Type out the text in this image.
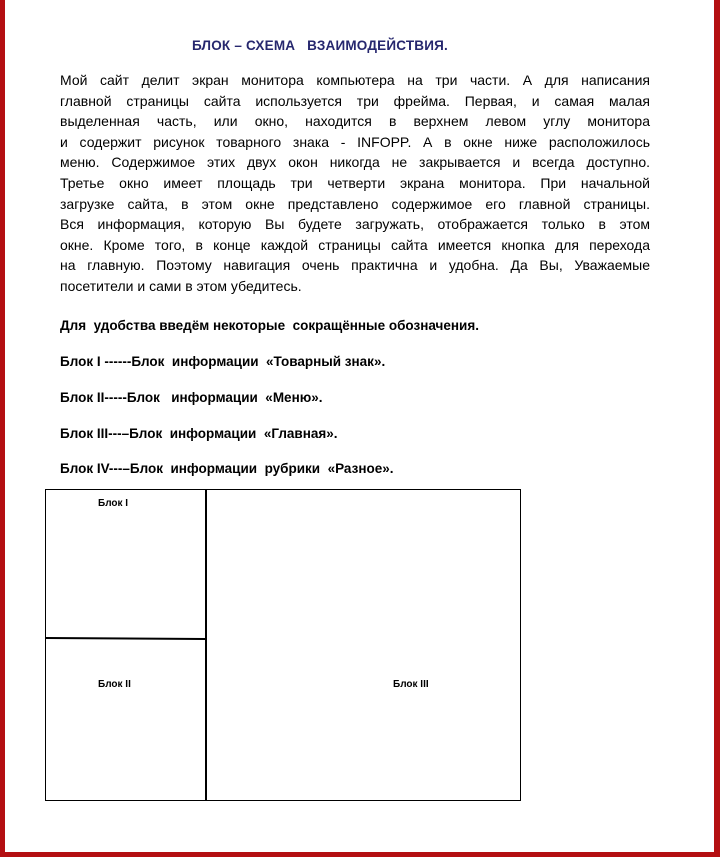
БЛОК – СХЕМА   ВЗАИМОДЕЙСТВИЯ.
Мой сайт делит экран монитора компьютера на три части. А для написания
главной страницы сайта используется три фрейма. Первая, и самая малая
выделенная часть, или окно, находится в верхнем левом углу монитора
и содержит рисунок товарного знака - INFOPP. А в окне ниже расположилось
меню. Содержимое этих двух окон никогда не закрывается и всегда доступно.
Третье окно имеет площадь три четверти экрана монитора. При начальной
загрузке сайта, в этом окне представлено содержимое его главной страницы.
Вся информация, которую Вы будете загружать, отображается только в этом
окне. Кроме того, в конце каждой страницы сайта имеется кнопка для перехода
на главную. Поэтому навигация очень практична и удобна. Да Вы, Уважаемые
посетители и сами в этом убедитесь.
Для  удобства введём некоторые  сокращённые обозначения.
Блок I ------Блок  информации  «Товарный знак».
Блок II-----Блок   информации  «Меню».
Блок III---–Блок  информации  «Главная».
Блок IV---–Блок  информации  рубрики  «Разное».
Блок I
Блок II	Блок III
